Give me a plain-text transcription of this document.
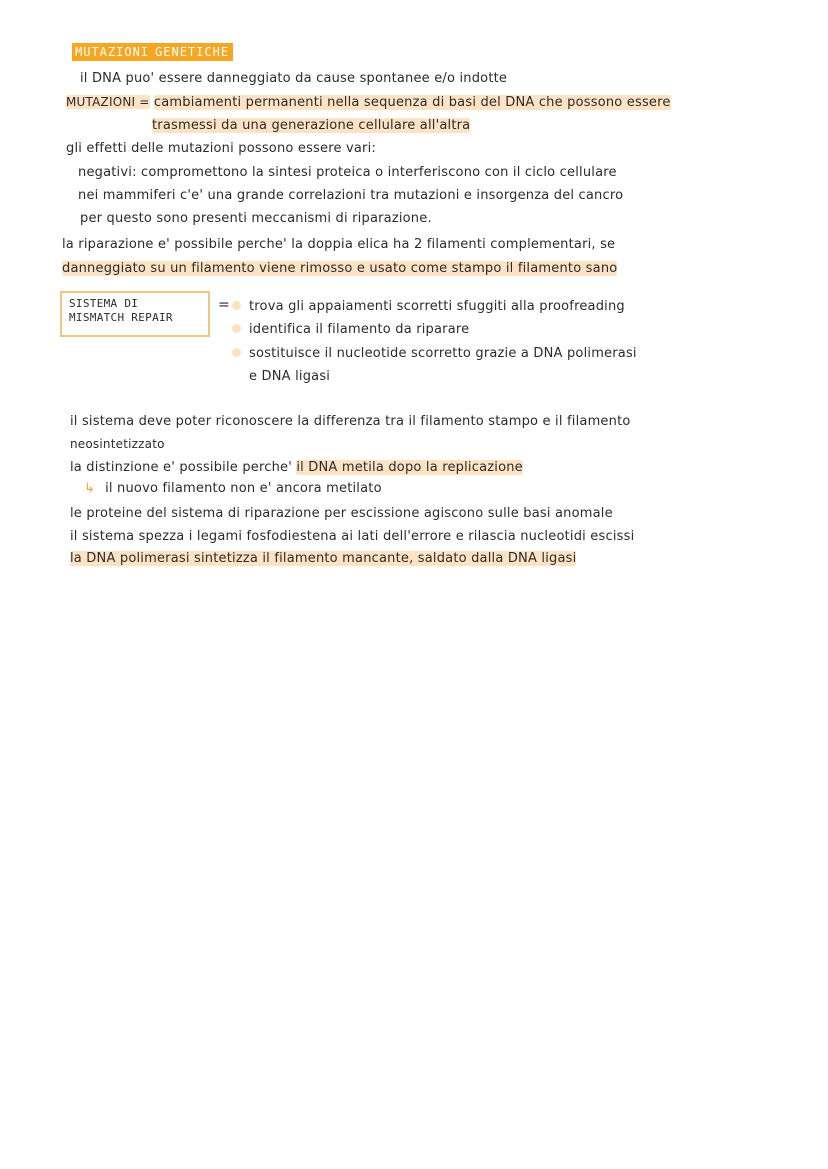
MUTAZIONI GENETICHE
il DNA puo' essere danneggiato da cause spontanee e/o indotte
MUTAZIONI = cambiamenti permanenti nella sequenza di basi del DNA che possono essere
trasmessi da una generazione cellulare all'altra
gli effetti delle mutazioni possono essere vari:
negativi: compromettono la sintesi proteica o interferiscono con il ciclo cellulare
nei mammiferi c'e' una grande correlazioni tra mutazioni e insorgenza del cancro
per questo sono presenti meccanismi di riparazione.
la riparazione e' possibile perche' la doppia elica ha 2 filamenti complementari, se
danneggiato su un filamento viene rimosso e usato come stampo il filamento sano
SISTEMA DI
MISMATCH REPAIR
=	trova gli appaiamenti scorretti sfuggiti alla proofreading
identifica il filamento da riparare
sostituisce il nucleotide scorretto grazie a DNA polimerasi
e DNA ligasi
il sistema deve poter riconoscere la differenza tra il filamento stampo e il filamento
neosintetizzato
la distinzione e' possibile perche' il DNA metila dopo la replicazione
↳ il nuovo filamento non e' ancora metilato
le proteine del sistema di riparazione per escissione agiscono sulle basi anomale
il sistema spezza i legami fosfodiestena ai lati dell'errore e rilascia nucleotidi escissi
la DNA polimerasi sintetizza il filamento mancante, saldato dalla DNA ligasi
